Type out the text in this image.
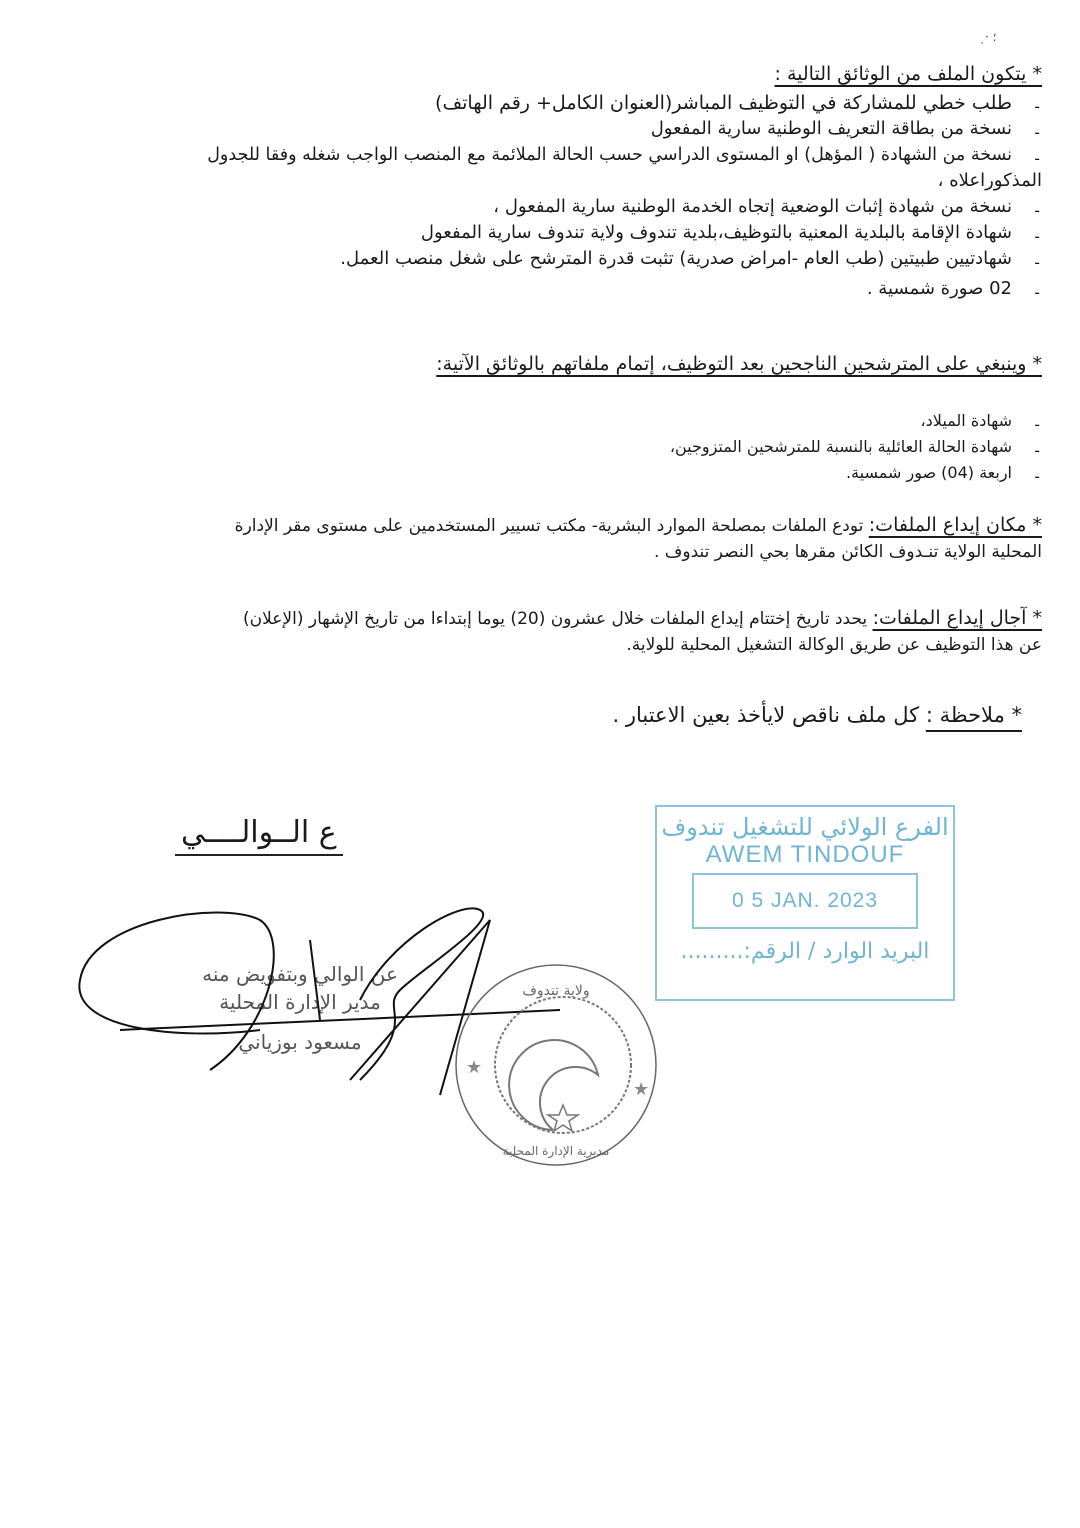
·̣ ؛
* يتكون الملف من الوثائق التالية :
- طلب خطي للمشاركة في التوظيف المباشر(العنوان الكامل+ رقم الهاتف)
- نسخة من بطاقة التعريف الوطنية سارية المفعول
- نسخة من الشهادة ( المؤهل) او المستوى الدراسي حسب الحالة الملائمة مع المنصب الواجب شغله وفقا للجدول
المذكوراعلاه ،
- نسخة من شهادة إثبات الوضعية إتجاه الخدمة الوطنية سارية المفعول ،
- شهادة الإقامة بالبلدية المعنية بالتوظيف،بلدية تندوف ولاية تندوف سارية المفعول
- شهادتيين طبيتين (طب العام -امراض صدرية) تثبت قدرة المترشح على شغل منصب العمل.
- 02 صورة شمسية .
* وينبغي على المترشحين الناجحين بعد التوظيف، إتمام ملفاتهم بالوثائق الآتية:
- شهادة الميلاد،
- شهادة الحالة العائلية بالنسبة للمترشحين المتزوجين،
- اربعة (04) صور شمسية.
* مكان إيداع الملفات: تودع الملفات بمصلحة الموارد البشرية- مكتب تسيير المستخدمين على مستوى مقر الإدارة
المحلية الولاية تنـدوف الكائن مقرها بحي النصر تندوف .
* آجال إيداع الملفات: يحدد تاريخ إختتام إيداع الملفات خلال عشرون (20) يوما إبتداءا من تاريخ الإشهار (الإعلان)
عن هذا التوظيف عن طريق الوكالة التشغيل المحلية للولاية.
* ملاحظة : كل ملف ناقص لايأخذ بعين الاعتبار .
ع الــوالــــي
عن الوالي وبتفويض منه
مدير الإدارة المحلية
مسعود بوزياني
ولاية تندوف
مديرية الإدارة المحلية
★
★
الفرع الولائي للتشغيل تندوف
AWEM TINDOUF
0 5 JAN. 2023
البريد الوارد / الرقم:.........
